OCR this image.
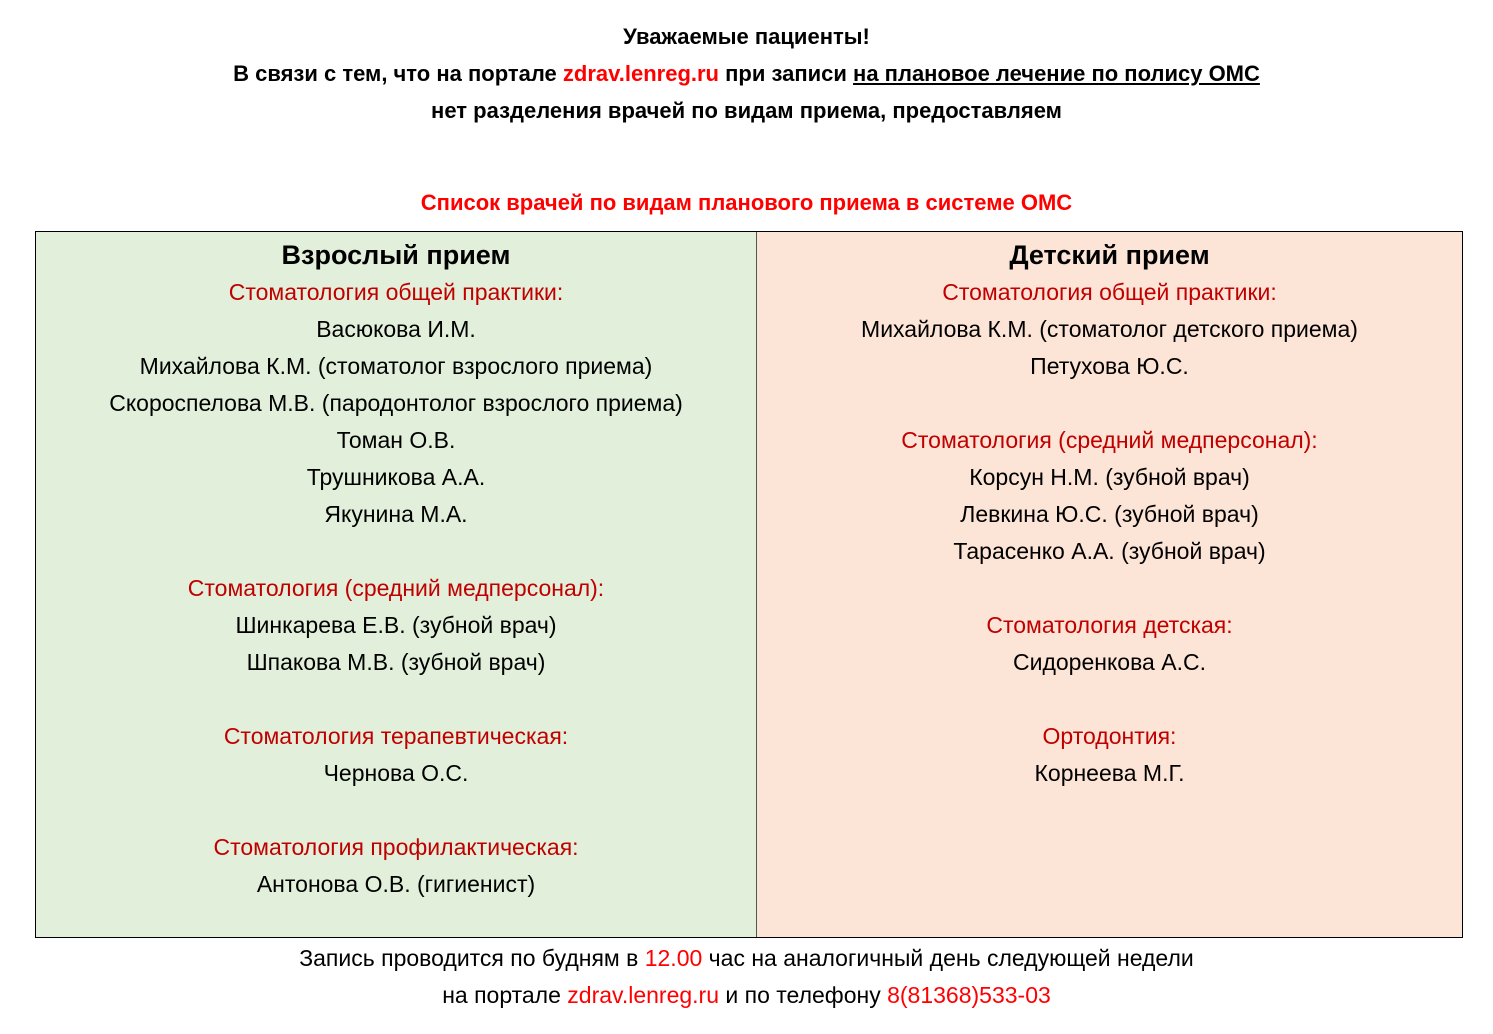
Уважаемые пациенты!
В связи с тем, что на портале zdrav.lenreg.ru при записи на плановое лечение по полису ОМС
нет разделения врачей по видам приема, предоставляем
Список врачей по видам планового приема в системе ОМС
Взрослый прием
Стоматология общей практики:
Васюкова И.М.
Михайлова К.М. (стоматолог взрослого приема)
Скороспелова М.В. (пародонтолог взрослого приема)
Томан О.В.
Трушникова А.А.
Якунина М.А.
Стоматология (средний медперсонал):
Шинкарева Е.В. (зубной врач)
Шпакова М.В. (зубной врач)
Стоматология терапевтическая:
Чернова О.С.
Стоматология профилактическая:
Антонова О.В. (гигиенист)
Детский прием
Стоматология общей практики:
Михайлова К.М. (стоматолог детского приема)
Петухова Ю.С.
Стоматология (средний медперсонал):
Корсун Н.М. (зубной врач)
Левкина Ю.С. (зубной врач)
Тарасенко А.А. (зубной врач)
Стоматология детская:
Сидоренкова А.С.
Ортодонтия:
Корнеева М.Г.
Запись проводится по будням в 12.00 час на аналогичный день следующей недели
на портале zdrav.lenreg.ru и по телефону 8(81368)533-03
